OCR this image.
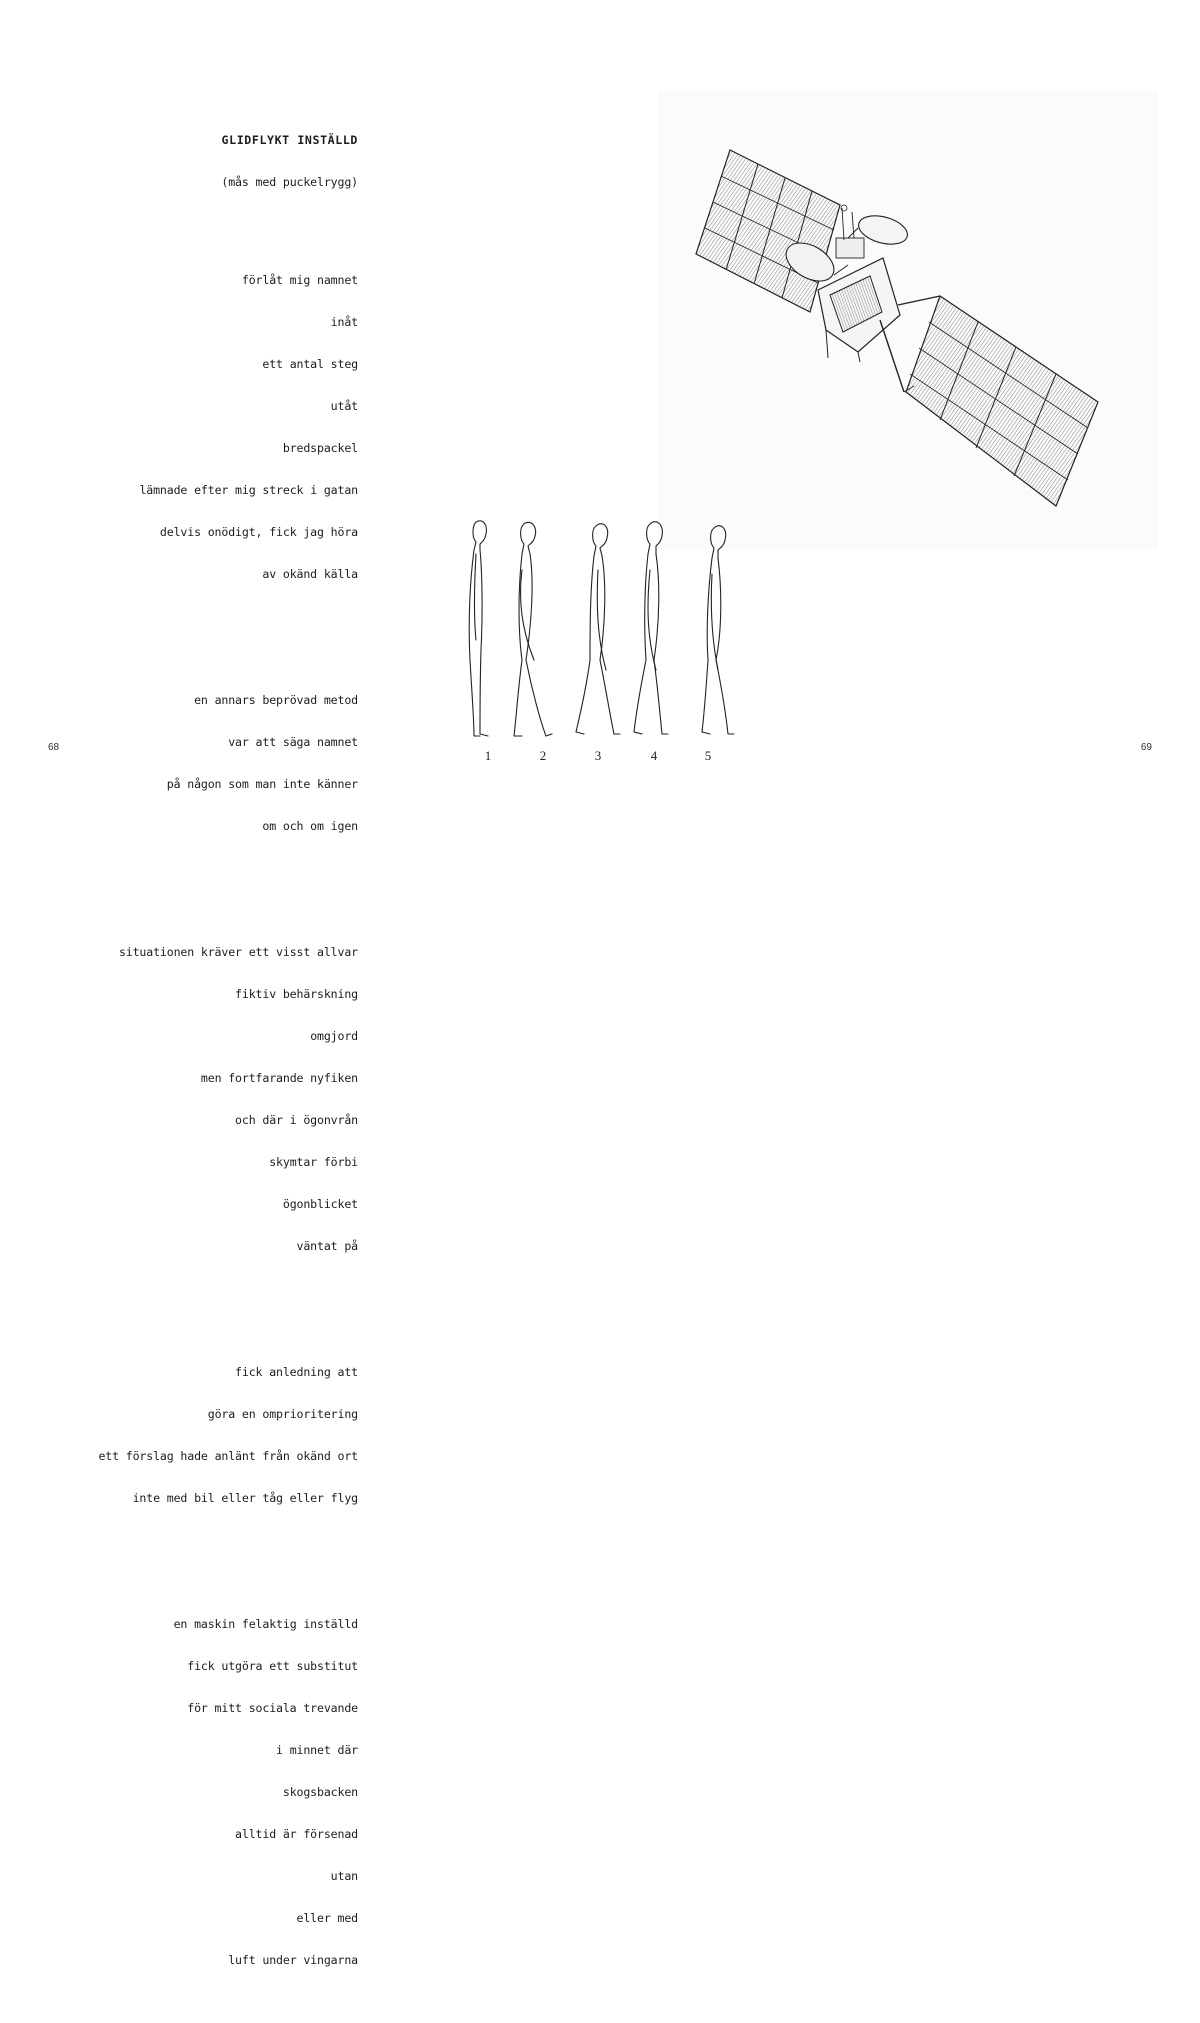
GLIDFLYKT INSTÄLLD

(mås med puckelrygg)

förlåt mig namnet

inåt

ett antal steg

utåt

bredspackel

lämnade efter mig streck i gatan

delvis onödigt, fick jag höra

av okänd källa

en annars beprövad metod

var att säga namnet

på någon som man inte känner

om och om igen

situationen kräver ett visst allvar

fiktiv behärskning

omgjord

men fortfarande nyfiken

och där i ögonvrån

skymtar förbi

ögonblicket

väntat på

fick anledning att

göra en omprioritering

ett förslag hade anlänt från okänd ort

inte med bil eller tåg eller flyg

en maskin felaktig inställd

fick utgöra ett substitut

för mitt sociala trevande

i minnet där

skogsbacken

alltid är försenad

utan

eller med

luft under vingarna

68	69
1	2	3	4	5
